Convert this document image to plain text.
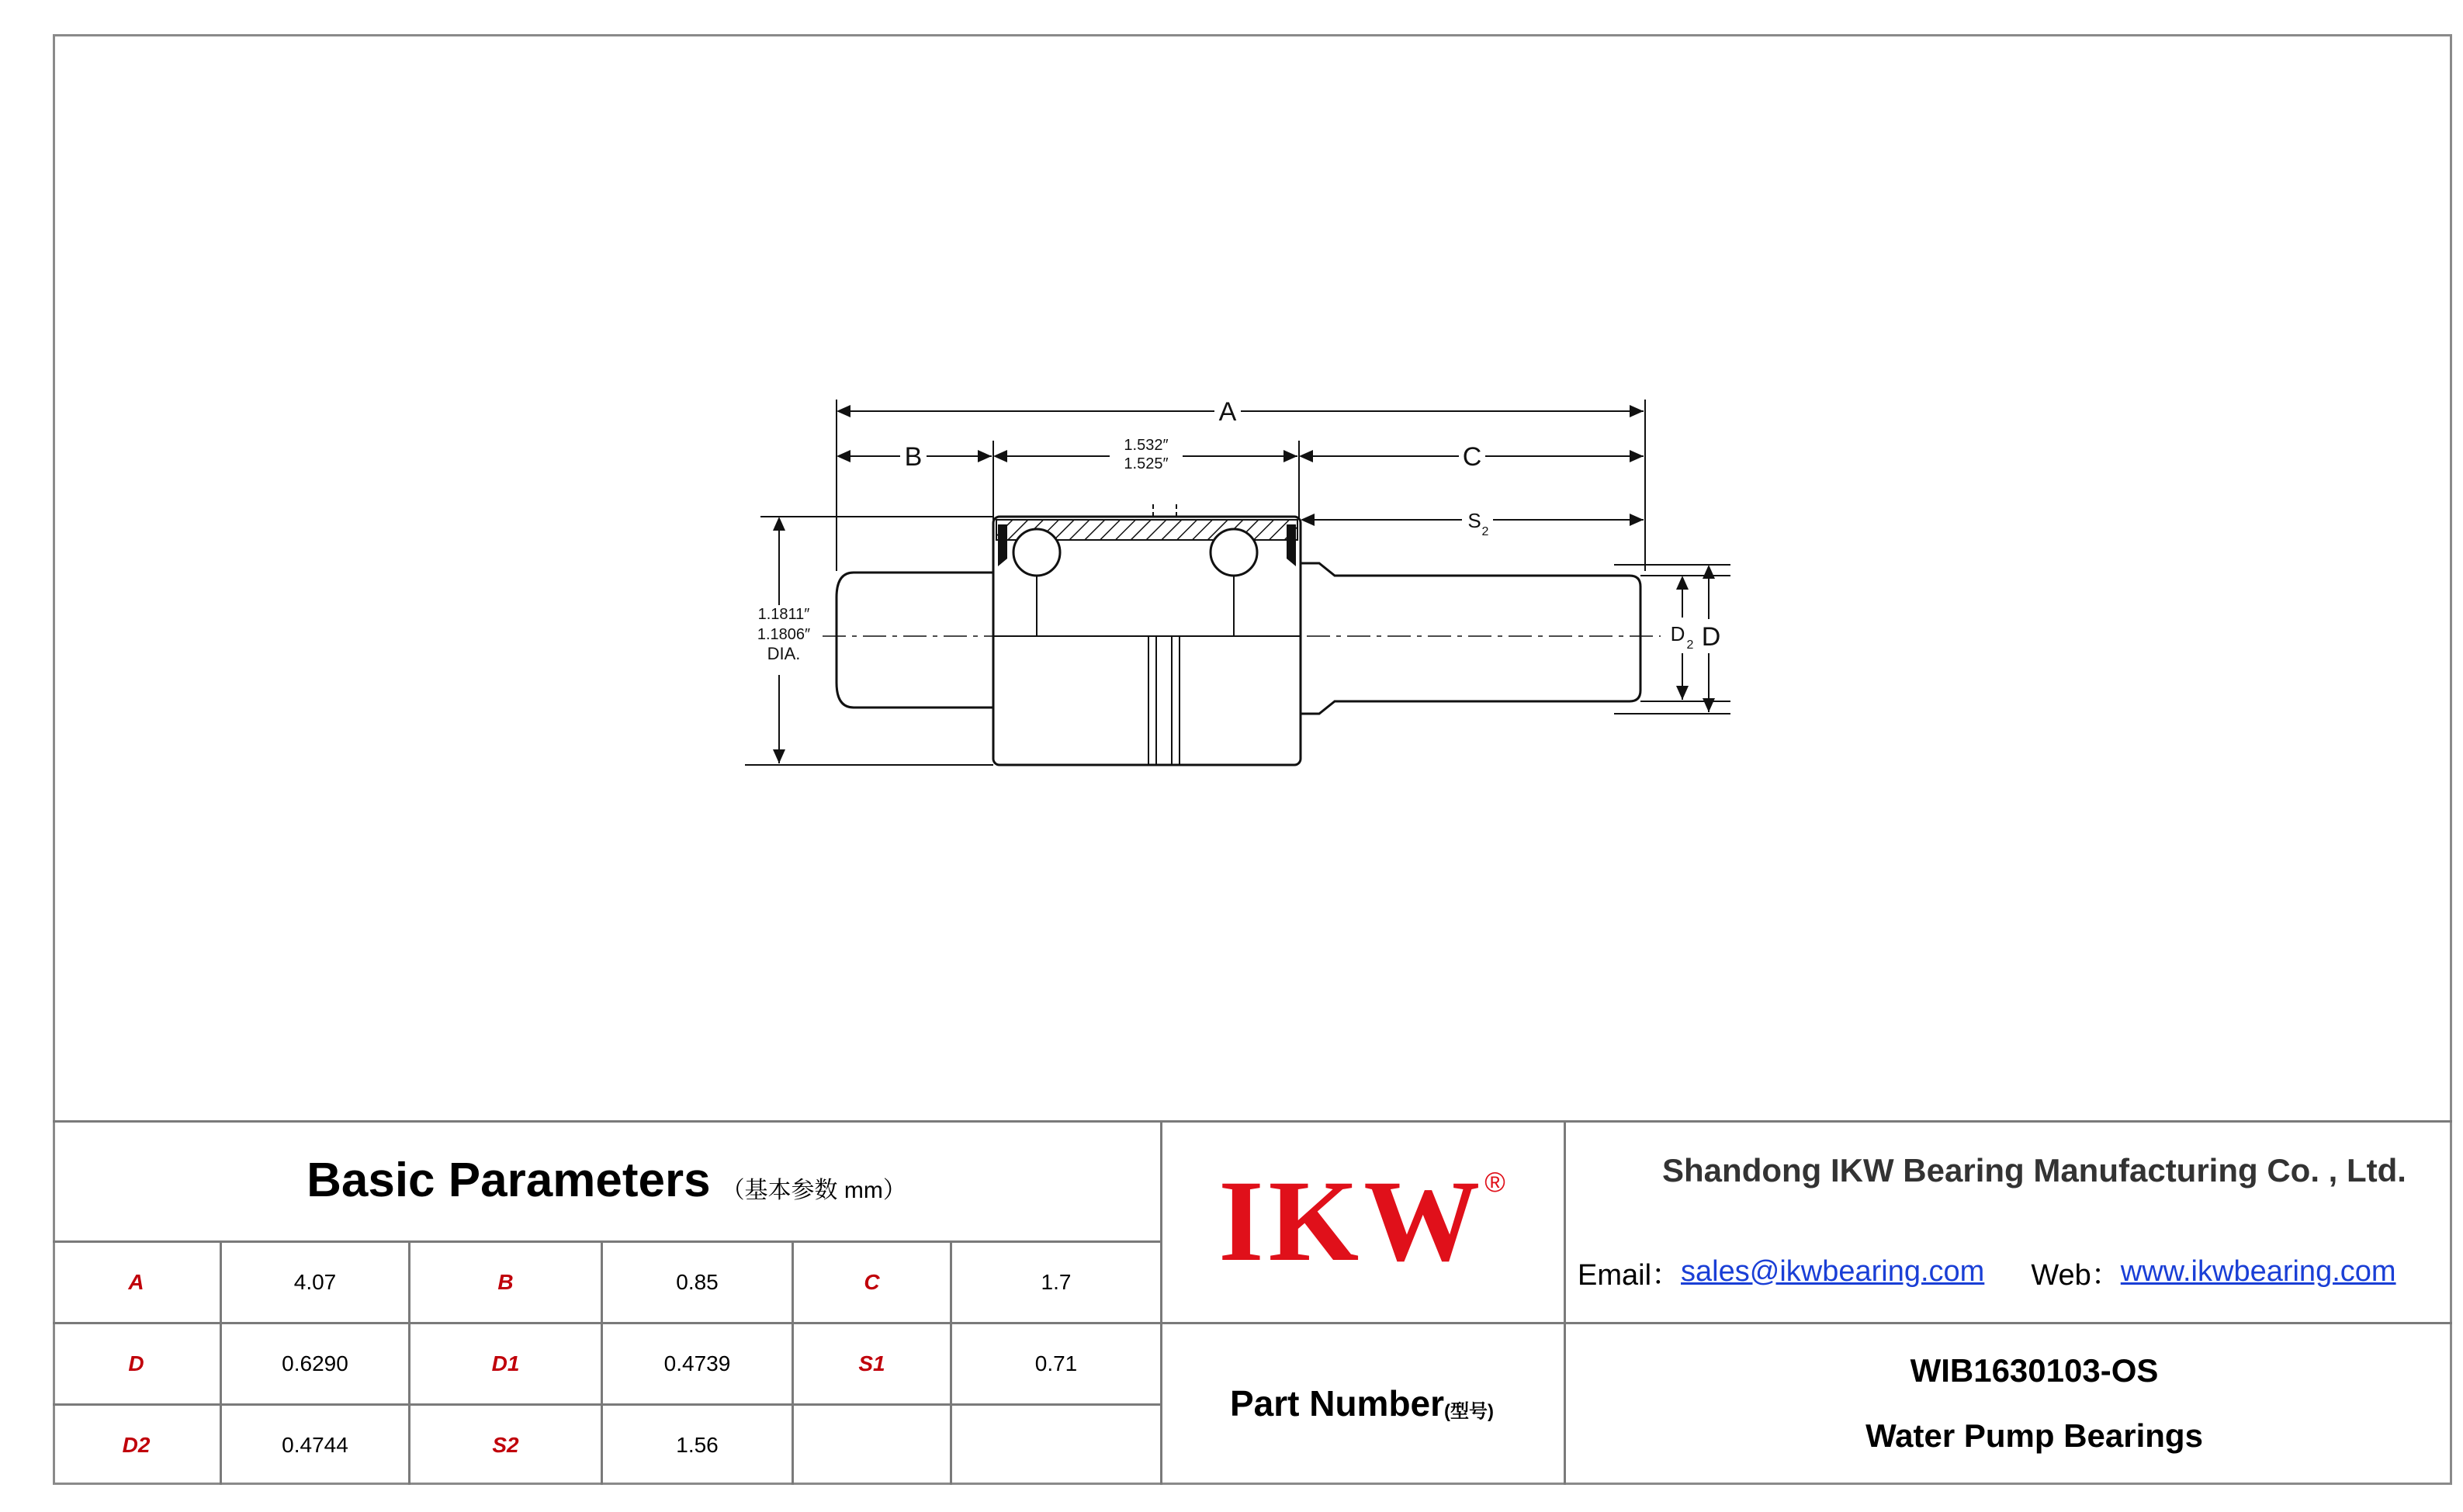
A
B	1.532″
1.525″	C
S 2
1.1811″
1.1806″
DIA.
D 2 D
Basic Parameters （基本参数 mm）
A	4.07	B	0.85	C	1.7
D	0.6290	D1	0.4739	S1	0.71
D2	0.4744	S2	1.56
IKW ®	Shandong IKW Bearing Manufacturing Co. , Ltd.
Email： sales@ikwbearing.com Web： www.ikwbearing.com
Part Number (型号)
WIB1630103-OS
Water Pump Bearings
